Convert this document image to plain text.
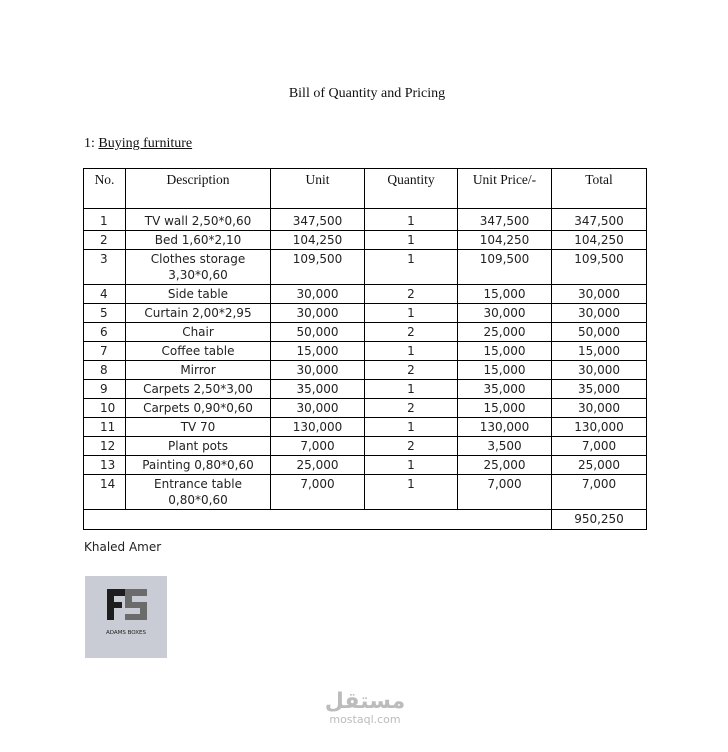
Bill of Quantity and Pricing
1: Buying furniture
No.	Description	Unit	Quantity	Unit Price/-	Total

1	TV wall 2,50*0,60	347,500	1	347,500	347,500
2	Bed 1,60*2,10	104,250	1	104,250	104,250
3	Clothes storage 3,30*0,60	109,500	1	109,500	109,500
4	Side table	30,000	2	15,000	30,000
5	Curtain 2,00*2,95	30,000	1	30,000	30,000
6	Chair	50,000	2	25,000	50,000
7	Coffee table	15,000	1	15,000	15,000
8	Mirror	30,000	2	15,000	30,000
9	Carpets 2,50*3,00	35,000	1	35,000	35,000
10	Carpets 0,90*0,60	30,000	2	15,000	30,000
11	TV 70	130,000	1	130,000	130,000
12	Plant pots	7,000	2	3,500	7,000
13	Painting 0,80*0,60	25,000	1	25,000	25,000
14	Entrance table 0,80*0,60	7,000	1	7,000	7,000
					950,250
Khaled Amer
ADAMS BOXES
مستقل
mostaql.com
